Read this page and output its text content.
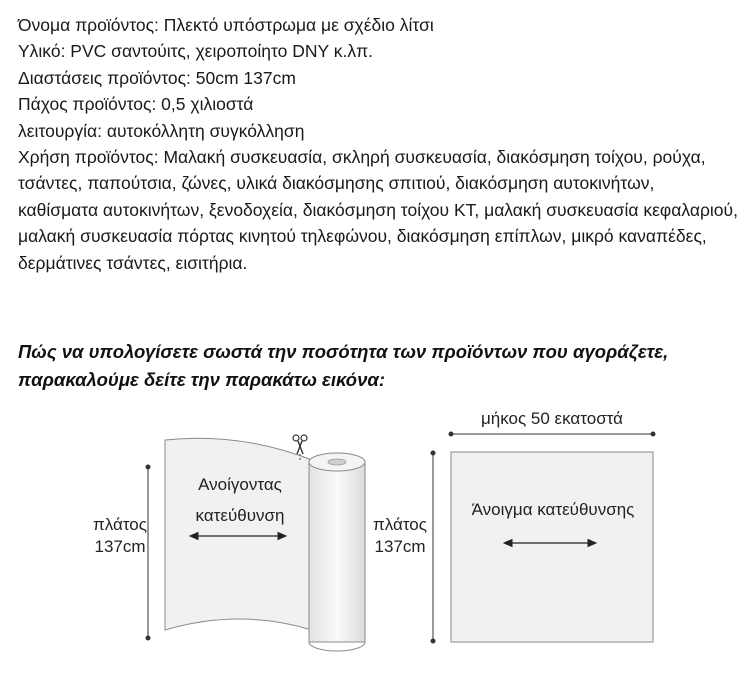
Όνομα προϊόντος: Πλεκτό υπόστρωμα με σχέδιο λίτσι
Υλικό: PVC σαντούιτς, χειροποίητο DNY κ.λπ.
Διαστάσεις προϊόντος: 50cm 137cm
Πάχος προϊόντος: 0,5 χιλιοστά
λειτουργία: αυτοκόλλητη συγκόλληση
Χρήση προϊόντος: Μαλακή συσκευασία, σκληρή συσκευασία, διακόσμηση τοίχου, ρούχα, τσάντες, παπούτσια, ζώνες, υλικά διακόσμησης σπιτιού, διακόσμηση αυτοκινήτων, καθίσματα αυτοκινήτων, ξενοδοχεία, διακόσμηση τοίχου KT, μαλακή συσκευασία κεφαλαριού, μαλακή συσκευασία πόρτας κινητού τηλεφώνου, διακόσμηση επίπλων, μικρό καναπέδες, δερμάτινες τσάντες, εισιτήρια.
Πώς να υπολογίσετε σωστά την ποσότητα των προϊόντων που αγοράζετε, παρακαλούμε δείτε την παρακάτω εικόνα:
πλάτος
137cm
Ανοίγοντας
κατεύθυνση
μήκος 50 εκατοστά
πλάτος
137cm
Άνοιγμα κατεύθυνσης
